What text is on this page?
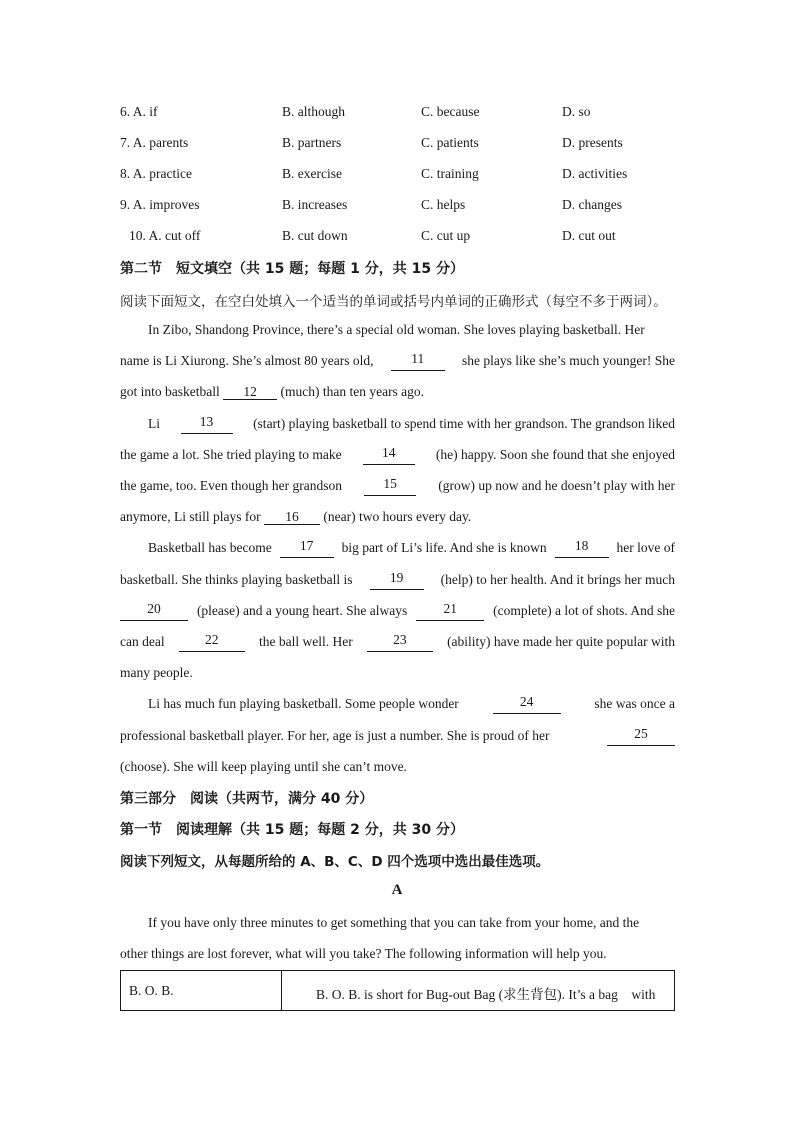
6. A. if	B. although	C. because	D. so
7. A. parents	B. partners	C. patients	D. presents
8. A. practice	B. exercise	C. training	D. activities
9. A. improves	B. increases	C. helps	D. changes
10. A. cut off	B. cut down	C. cut up	D. cut out
第二节　短文填空（共 15 题；每题 1 分，共 15 分）
阅读下面短文，在空白处填入一个适当的单词或括号内单词的正确形式（每空不多于两词）。
In Zibo, Shandong Province, there’s a special old woman. She loves playing basketball. Her
name is Li Xiurong. She’s almost 80 years old,	11	she plays like she’s much younger! She
got into basketball 12 (much) than ten years ago.
Li	13	(start) playing basketball to spend time with her grandson. The grandson liked
the game a lot. She tried playing to make	14	(he) happy. Soon she found that she enjoyed
the game, too. Even though her grandson	15	(grow) up now and he doesn’t play with her
anymore, Li still plays for 16 (near) two hours every day.
Basketball has become	17	big part of Li’s life. And she is known	18	her love of
basketball. She thinks playing basketball is	19	(help) to her health. And it brings her much
20	(please) and a young heart. She always	21	(complete) a lot of shots. And she
can deal	22	the ball well. Her	23	(ability) have made her quite popular with
many people.
Li has much fun playing basketball. Some people wonder	24	she was once a
professional basketball player. For her, age is just a number. She is proud of her	25
(choose). She will keep playing until she can’t move.
第三部分　阅读（共两节，满分 40 分）
第一节　阅读理解（共 15 题；每题 2 分，共 30 分）
阅读下列短文，从每题所给的 A、B、C、D 四个选项中选出最佳选项。
A
If you have only three minutes to get something that you can take from your home, and the
other things are lost forever, what will you take? The following information will help you.
B. O. B.	B. O. B. is short for Bug-out Bag (求生背包). It’s a bag　with
